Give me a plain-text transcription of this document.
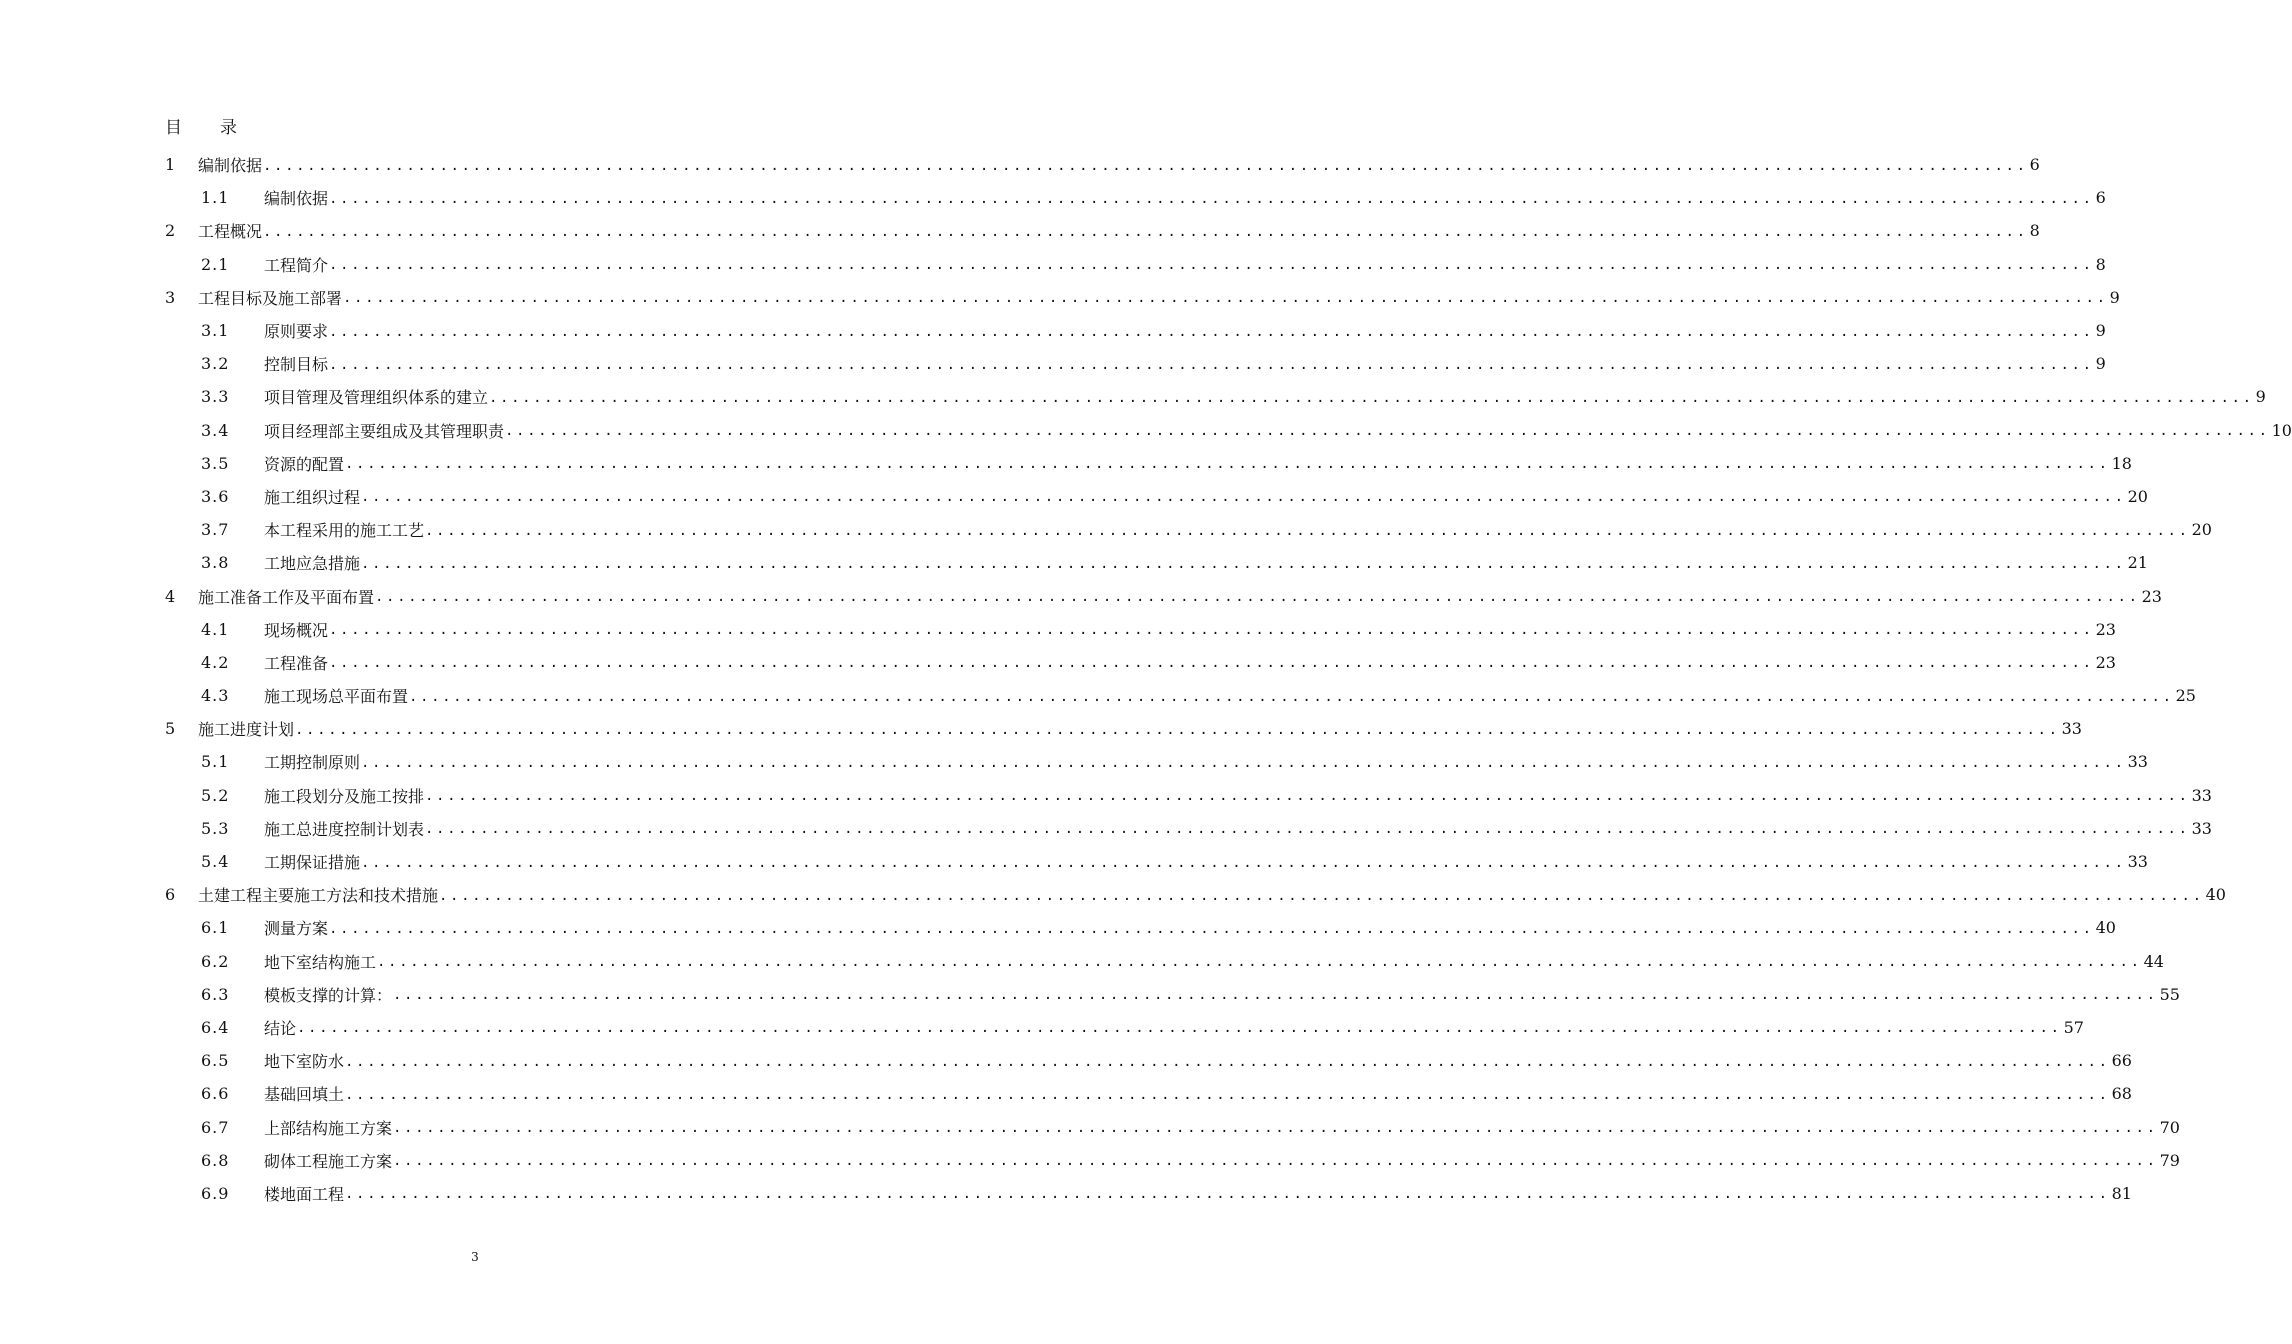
目 录
1	编制依据 ................................................................................................................................................................ 6
1.1	编制依据 ................................................................................................................................................................ 6
2	工程概况 ................................................................................................................................................................ 8
2.1	工程简介 ................................................................................................................................................................ 8
3	工程目标及施工部署 ................................................................................................................................................................ 9
3.1	原则要求 ................................................................................................................................................................ 9
3.2	控制目标 ................................................................................................................................................................ 9
3.3	项目管理及管理组织体系的建立 ................................................................................................................................................................ 9
3.4	项目经理部主要组成及其管理职责 ................................................................................................................................................................ 10
3.5	资源的配置 ................................................................................................................................................................ 18
3.6	施工组织过程 ................................................................................................................................................................ 20
3.7	本工程采用的施工工艺 ................................................................................................................................................................ 20
3.8	工地应急措施 ................................................................................................................................................................ 21
4	施工准备工作及平面布置 ................................................................................................................................................................ 23
4.1	现场概况 ................................................................................................................................................................ 23
4.2	工程准备 ................................................................................................................................................................ 23
4.3	施工现场总平面布置 ................................................................................................................................................................ 25
5	施工进度计划 ................................................................................................................................................................ 33
5.1	工期控制原则 ................................................................................................................................................................ 33
5.2	施工段划分及施工按排 ................................................................................................................................................................ 33
5.3	施工总进度控制计划表 ................................................................................................................................................................ 33
5.4	工期保证措施 ................................................................................................................................................................ 33
6	土建工程主要施工方法和技术措施 ................................................................................................................................................................ 40
6.1	测量方案 ................................................................................................................................................................ 40
6.2	地下室结构施工 ................................................................................................................................................................ 44
6.3	模板支撑的计算： ................................................................................................................................................................ 55
6.4	结论 ................................................................................................................................................................ 57
6.5	地下室防水 ................................................................................................................................................................ 66
6.6	基础回填土 ................................................................................................................................................................ 68
6.7	上部结构施工方案 ................................................................................................................................................................ 70
6.8	砌体工程施工方案 ................................................................................................................................................................ 79
6.9	楼地面工程 ................................................................................................................................................................ 81
3
